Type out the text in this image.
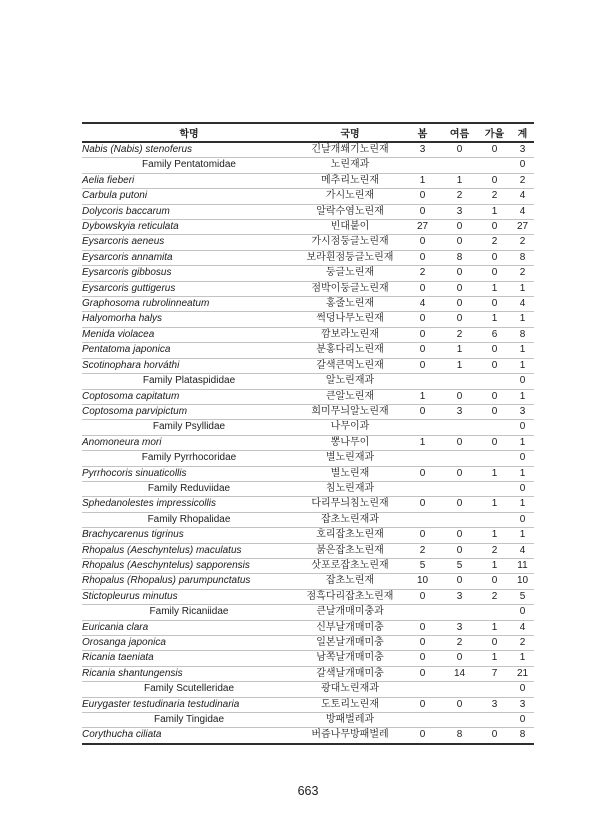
학명	국명	봄	여름	가을	계
Nabis (Nabis) stenoferus	긴날개쐐기노린재	3	0	0	3
Family Pentatomidae	노린재과				0
Aelia fieberi	메추리노린재	1	1	0	2
Carbula putoni	가시노린재	0	2	2	4
Dolycoris baccarum	알락수염노린재	0	3	1	4
Dybowskyia reticulata	빈대붙이	27	0	0	27
Eysarcoris aeneus	가시점둥글노린재	0	0	2	2
Eysarcoris annamita	보라흰점둥글노린재	0	8	0	8
Eysarcoris gibbosus	둥글노린재	2	0	0	2
Eysarcoris guttigerus	점박이둥글노린재	0	0	1	1
Graphosoma rubrolinneatum	홍줄노린재	4	0	0	4
Halyomorha halys	썩덩나무노린재	0	0	1	1
Menida violacea	깜보라노린재	0	2	6	8
Pentatoma japonica	분홍다리노린재	0	1	0	1
Scotinophara horváthi	갈색큰먹노린재	0	1	0	1
Family Plataspididae	알노린재과				0
Coptosoma capitatum	큰알노린재	1	0	0	1
Coptosoma parvipictum	희미무늬알노린재	0	3	0	3
Family Psyllidae	나무이과				0
Anomoneura mori	뽕나무이	1	0	0	1
Family Pyrrhocoridae	별노린재과				0
Pyrrhocoris sinuaticollis	별노린재	0	0	1	1
Family Reduviidae	침노린재과				0
Sphedanolestes impressicollis	다리무늬침노린재	0	0	1	1
Family Rhopalidae	잡초노린재과				0
Brachycarenus tigrinus	호리잡초노린재	0	0	1	1
Rhopalus (Aeschyntelus) maculatus	붉은잡초노린재	2	0	2	4
Rhopalus (Aeschyntelus) sapporensis	삿포로잡초노린재	5	5	1	11
Rhopalus (Rhopalus) parumpunctatus	잡초노린재	10	0	0	10
Stictopleurus minutus	점흑다리잡초노린재	0	3	2	5
Family Ricaniidae	큰날개매미충과				0
Euricania clara	신부날개매미충	0	3	1	4
Orosanga japonica	일본날개매미충	0	2	0	2
Ricania taeniata	남쪽날개매미충	0	0	1	1
Ricania shantungensis	갈색날개매미충	0	14	7	21
Family Scutelleridae	광대노린재과				0
Eurygaster testudinaria testudinaria	도토리노린재	0	0	3	3
Family Tingidae	방패벌레과				0
Corythucha ciliata	버즘나무방패벌레	0	8	0	8
663
